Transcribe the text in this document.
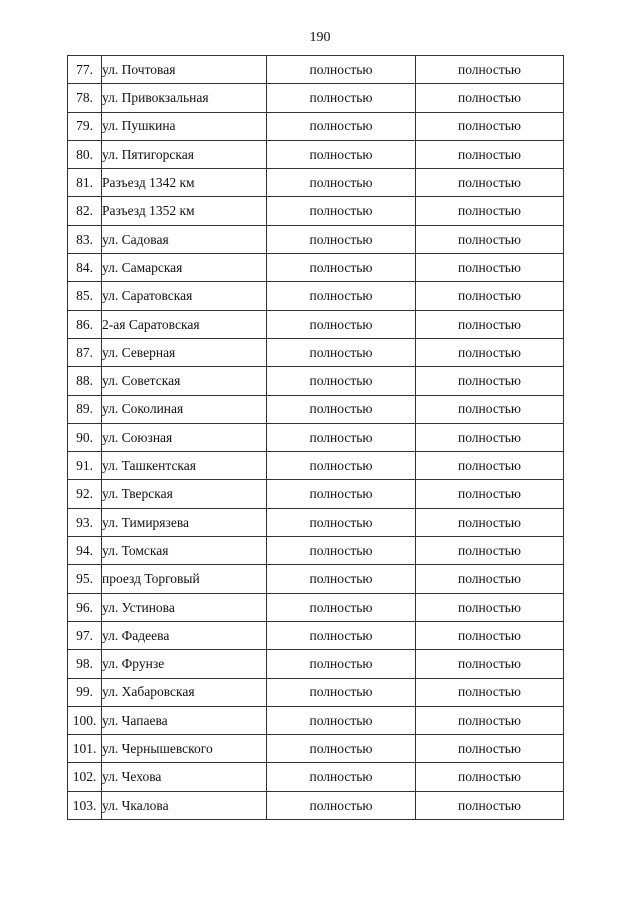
190
77.	ул. Почтовая	полностью	полностью
78.	ул. Привокзальная	полностью	полностью
79.	ул. Пушкина	полностью	полностью
80.	ул. Пятигорская	полностью	полностью
81.	Разъезд 1342 км	полностью	полностью
82.	Разъезд 1352 км	полностью	полностью
83.	ул. Садовая	полностью	полностью
84.	ул. Самарская	полностью	полностью
85.	ул. Саратовская	полностью	полностью
86.	2-ая Саратовская	полностью	полностью
87.	ул. Северная	полностью	полностью
88.	ул. Советская	полностью	полностью
89.	ул. Соколиная	полностью	полностью
90.	ул. Союзная	полностью	полностью
91.	ул. Ташкентская	полностью	полностью
92.	ул. Тверская	полностью	полностью
93.	ул. Тимирязева	полностью	полностью
94.	ул. Томская	полностью	полностью
95.	проезд Торговый	полностью	полностью
96.	ул. Устинова	полностью	полностью
97.	ул. Фадеева	полностью	полностью
98.	ул. Фрунзе	полностью	полностью
99.	ул. Хабаровская	полностью	полностью
100.	ул. Чапаева	полностью	полностью
101.	ул. Чернышевского	полностью	полностью
102.	ул. Чехова	полностью	полностью
103.	ул. Чкалова	полностью	полностью
